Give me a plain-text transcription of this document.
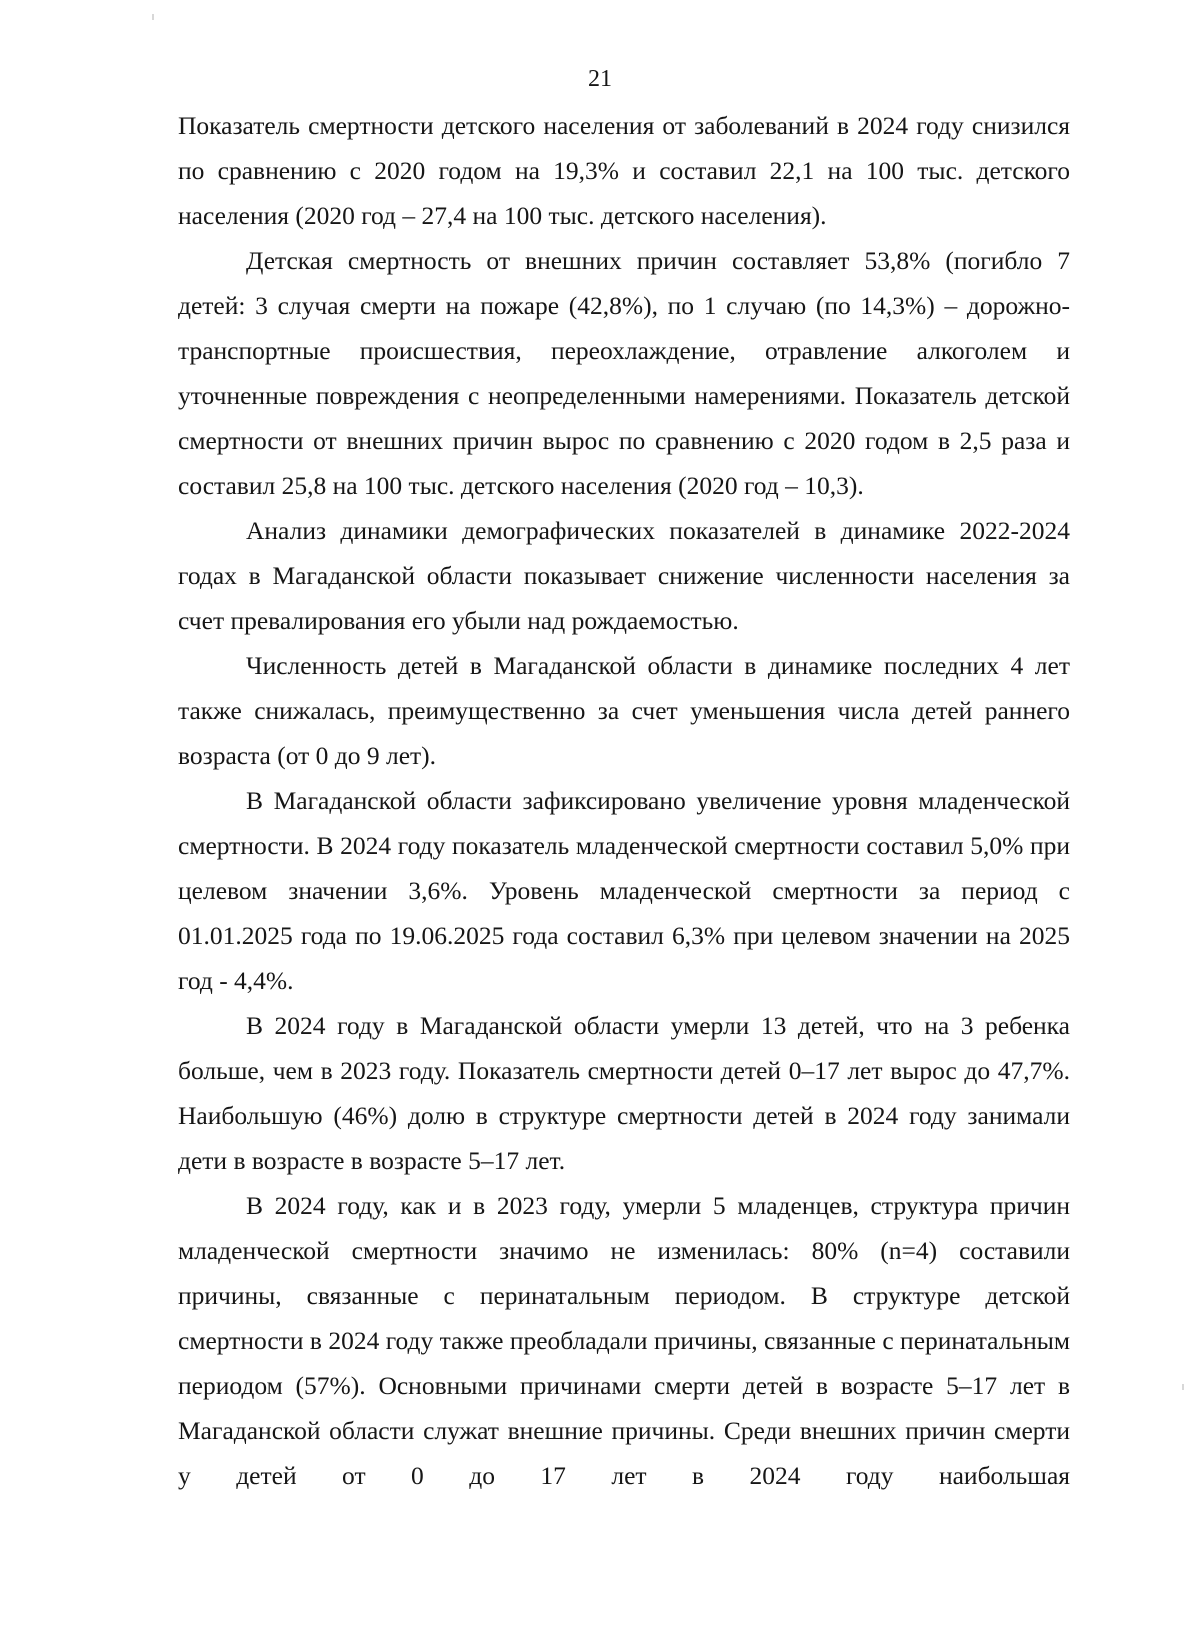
21

Показатель смертности детского населения от заболеваний в 2024 году снизился по сравнению с 2020 годом на 19,3% и составил 22,1 на 100 тыс. детского населения (2020 год – 27,4 на 100 тыс. детского населения).

Детская смертность от внешних причин составляет 53,8% (погибло 7 детей: 3 случая смерти на пожаре (42,8%), по 1 случаю (по 14,3%) – дорожно-транспортные происшествия, переохлаждение, отравление алкоголем и уточненные повреждения с неопределенными намерениями. Показатель детской смертности от внешних причин вырос по сравнению с 2020 годом в 2,5 раза и составил 25,8 на 100 тыс. детского населения (2020 год – 10,3).

Анализ динамики демографических показателей в динамике 2022-2024 годах в Магаданской области показывает снижение численности населения за счет превалирования его убыли над рождаемостью.

Численность детей в Магаданской области в динамике последних 4 лет также снижалась, преимущественно за счет уменьшения числа детей раннего возраста (от 0 до 9 лет).

В Магаданской области зафиксировано увеличение уровня младенческой смертности. В 2024 году показатель младенческой смертности составил 5,0% при целевом значении 3,6%. Уровень младенческой смертности за период с 01.01.2025 года по 19.06.2025 года составил 6,3% при целевом значении на 2025 год - 4,4%.

В 2024 году в Магаданской области умерли 13 детей, что на 3 ребенка больше, чем в 2023 году. Показатель смертности детей 0–17 лет вырос до 47,7%. Наибольшую (46%) долю в структуре смертности детей в 2024 году занимали дети в возрасте в возрасте 5–17 лет.

В 2024 году, как и в 2023 году, умерли 5 младенцев, структура причин младенческой смертности значимо не изменилась: 80% (n=4) составили причины, связанные с перинатальным периодом. В структуре детской смертности в 2024 году также преобладали причины, связанные с перинатальным периодом (57%). Основными причинами смерти детей в возрасте 5–17 лет в Магаданской области служат внешние причины. Среди внешних причин смерти у детей от 0 до 17 лет в 2024 году наибольшая
